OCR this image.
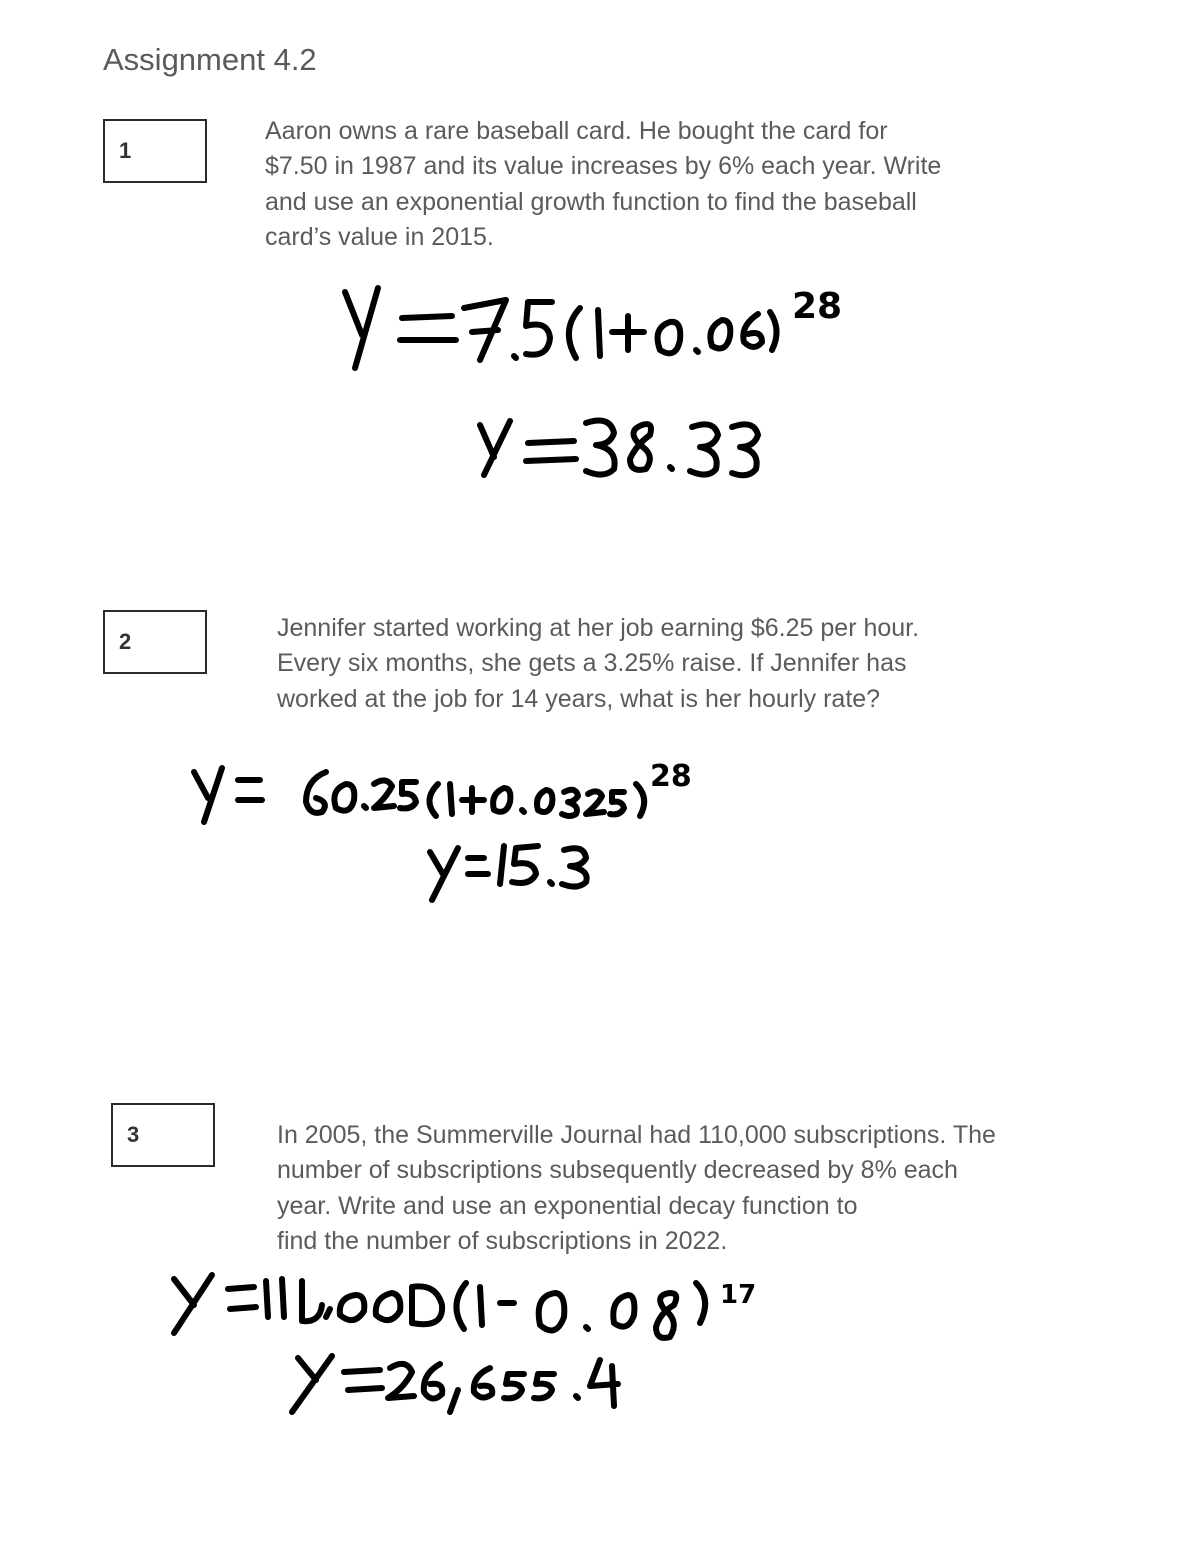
Assignment 4.2
1

Aaron owns a rare baseball card. He bought the card for
$7.50 in 1987 and its value increases by 6% each year. Write
and use an exponential growth function to find the baseball
card’s value in 2015.

28
2	Jennifer started working at her job earning $6.25 per hour.
Every six months, she gets a 3.25% raise. If Jennifer has
worked at the job for 14 years, what is her hourly rate?

28
3	In 2005, the Summerville Journal had 110,000 subscriptions. The
number of subscriptions subsequently decreased by 8% each
year. Write and use an exponential decay function to
find the number of subscriptions in 2022.

17
